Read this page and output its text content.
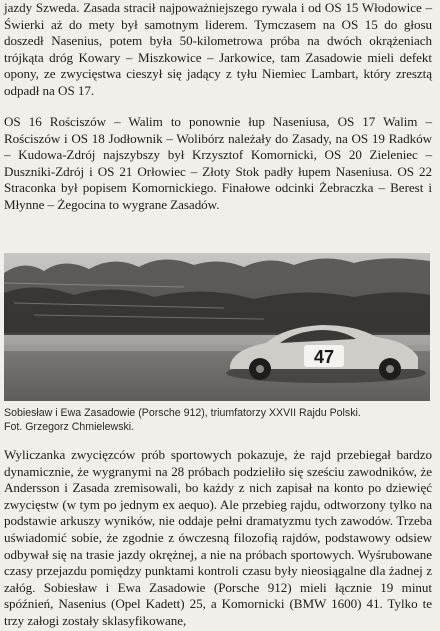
jazdy Szweda. Zasada stracił najpoważniejszego rywala i od OS 15 Włodowice – Świerki aż do mety był samotnym liderem. Tymczasem na OS 15 do głosu doszedł Nasenius, potem była 50-kilometrowa próba na dwóch okrążeniach trójkąta dróg Kowary – Miszkowice – Jarkowice, tam Zasadowie mieli defekt opony, ze zwycięstwa cieszył się jadący z tyłu Niemiec Lambart, który zresztą odpadł na OS 17.

OS 16 Rościszów – Walim to ponownie łup Naseniusa, OS 17 Walim – Rościszów i OS 18 Jodłownik – Wolibórz należały do Zasady, na OS 19 Radków – Kudowa-Zdrój najszybszy był Krzysztof Komornicki, OS 20 Zieleniec – Duszniki-Zdrój i OS 21 Orłowiec – Złoty Stok padły łupem Naseniusa. OS 22 Straconka był popisem Komornickiego. Finałowe odcinki Żebraczka – Berest i Młynne – Żegocina to wygrane Zasadów.

47
Sobiesław i Ewa Zasadowie (Porsche 912), triumfatorzy XXVII Rajdu Polski.
Fot. Grzegorz Chmielewski.

Wyliczanka zwycięzców prób sportowych pokazuje, że rajd przebiegał bardzo dynamicznie, że wygranymi na 28 próbach podzieliło się sześciu zawodników, że Andersson i Zasada zremisowali, bo każdy z nich zapisał na konto po dziewięć zwycięstw (w tym po jednym ex aequo). Ale przebieg rajdu, odtworzony tylko na podstawie arkuszy wyników, nie oddaje pełni dramatyzmu tych zawodów. Trzeba uświadomić sobie, że zgodnie z ówczesną filozofią rajdów, podstawowy odsiew odbywał się na trasie jazdy okrężnej, a nie na próbach sportowych. Wyśrubowane czasy przejazdu pomiędzy punktami kontroli czasu były nieosiągalne dla żadnej z załóg. Sobiesław i Ewa Zasadowie (Porsche 912) mieli łącznie 19 minut spóźnień, Nasenius (Opel Kadett) 25, a Komornicki (BMW 1600) 41. Tylko te trzy załogi zostały sklasyfikowane,
